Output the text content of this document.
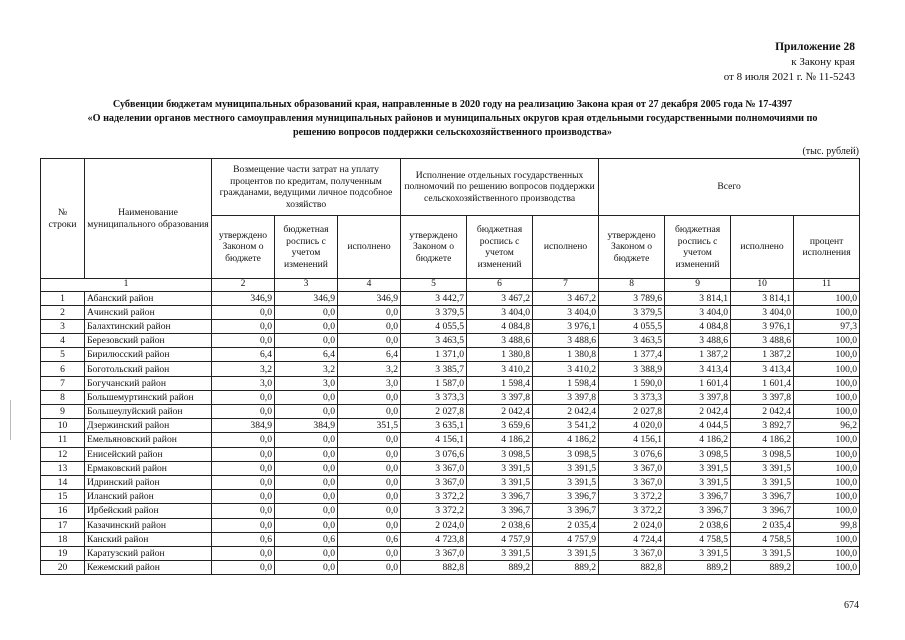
Приложение 28
к Закону края
от 8 июля 2021 г. № 11-5243
Субвенции бюджетам муниципальных образований края, направленные в 2020 году на реализацию Закона края от 27 декабря 2005 года № 17-4397
«О наделении органов местного самоуправления муниципальных районов и муниципальных округов края отдельными государственными полномочиями по
решению вопросов поддержки сельскохозяйственного производства»
(тыс. рублей)
№ строки	Наименование муниципального образования	Возмещение части затрат на уплату процентов по кредитам, полученным гражданами, ведущими личное подсобное хозяйство			Исполнение отдельных государственных полномочий по решению вопросов поддержки сельскохозяйственного производства			Всего			
		утверждено Законом о бюджете	бюджетная роспись с учетом изменений	исполнено	утверждено Законом о бюджете	бюджетная роспись с учетом изменений	исполнено	утверждено Законом о бюджете	бюджетная роспись с учетом изменений	исполнено	процент исполнения
1		2	3	4	5	6	7	8	9	10	11
1	Абанский район	346,9	346,9	346,9	3 442,7	3 467,2	3 467,2	3 789,6	3 814,1	3 814,1	100,0
2	Ачинский район	0,0	0,0	0,0	3 379,5	3 404,0	3 404,0	3 379,5	3 404,0	3 404,0	100,0
3	Балахтинский район	0,0	0,0	0,0	4 055,5	4 084,8	3 976,1	4 055,5	4 084,8	3 976,1	97,3
4	Березовский район	0,0	0,0	0,0	3 463,5	3 488,6	3 488,6	3 463,5	3 488,6	3 488,6	100,0
5	Бирилюсский район	6,4	6,4	6,4	1 371,0	1 380,8	1 380,8	1 377,4	1 387,2	1 387,2	100,0
6	Боготольский район	3,2	3,2	3,2	3 385,7	3 410,2	3 410,2	3 388,9	3 413,4	3 413,4	100,0
7	Богучанский район	3,0	3,0	3,0	1 587,0	1 598,4	1 598,4	1 590,0	1 601,4	1 601,4	100,0
8	Большемуртинский район	0,0	0,0	0,0	3 373,3	3 397,8	3 397,8	3 373,3	3 397,8	3 397,8	100,0
9	Большеулуйский район	0,0	0,0	0,0	2 027,8	2 042,4	2 042,4	2 027,8	2 042,4	2 042,4	100,0
10	Дзержинский район	384,9	384,9	351,5	3 635,1	3 659,6	3 541,2	4 020,0	4 044,5	3 892,7	96,2
11	Емельяновский район	0,0	0,0	0,0	4 156,1	4 186,2	4 186,2	4 156,1	4 186,2	4 186,2	100,0
12	Енисейский район	0,0	0,0	0,0	3 076,6	3 098,5	3 098,5	3 076,6	3 098,5	3 098,5	100,0
13	Ермаковский район	0,0	0,0	0,0	3 367,0	3 391,5	3 391,5	3 367,0	3 391,5	3 391,5	100,0
14	Идринский район	0,0	0,0	0,0	3 367,0	3 391,5	3 391,5	3 367,0	3 391,5	3 391,5	100,0
15	Иланский район	0,0	0,0	0,0	3 372,2	3 396,7	3 396,7	3 372,2	3 396,7	3 396,7	100,0
16	Ирбейский район	0,0	0,0	0,0	3 372,2	3 396,7	3 396,7	3 372,2	3 396,7	3 396,7	100,0
17	Казачинский район	0,0	0,0	0,0	2 024,0	2 038,6	2 035,4	2 024,0	2 038,6	2 035,4	99,8
18	Канский район	0,6	0,6	0,6	4 723,8	4 757,9	4 757,9	4 724,4	4 758,5	4 758,5	100,0
19	Каратузский район	0,0	0,0	0,0	3 367,0	3 391,5	3 391,5	3 367,0	3 391,5	3 391,5	100,0
20	Кежемский район	0,0	0,0	0,0	882,8	889,2	889,2	882,8	889,2	889,2	100,0
674
